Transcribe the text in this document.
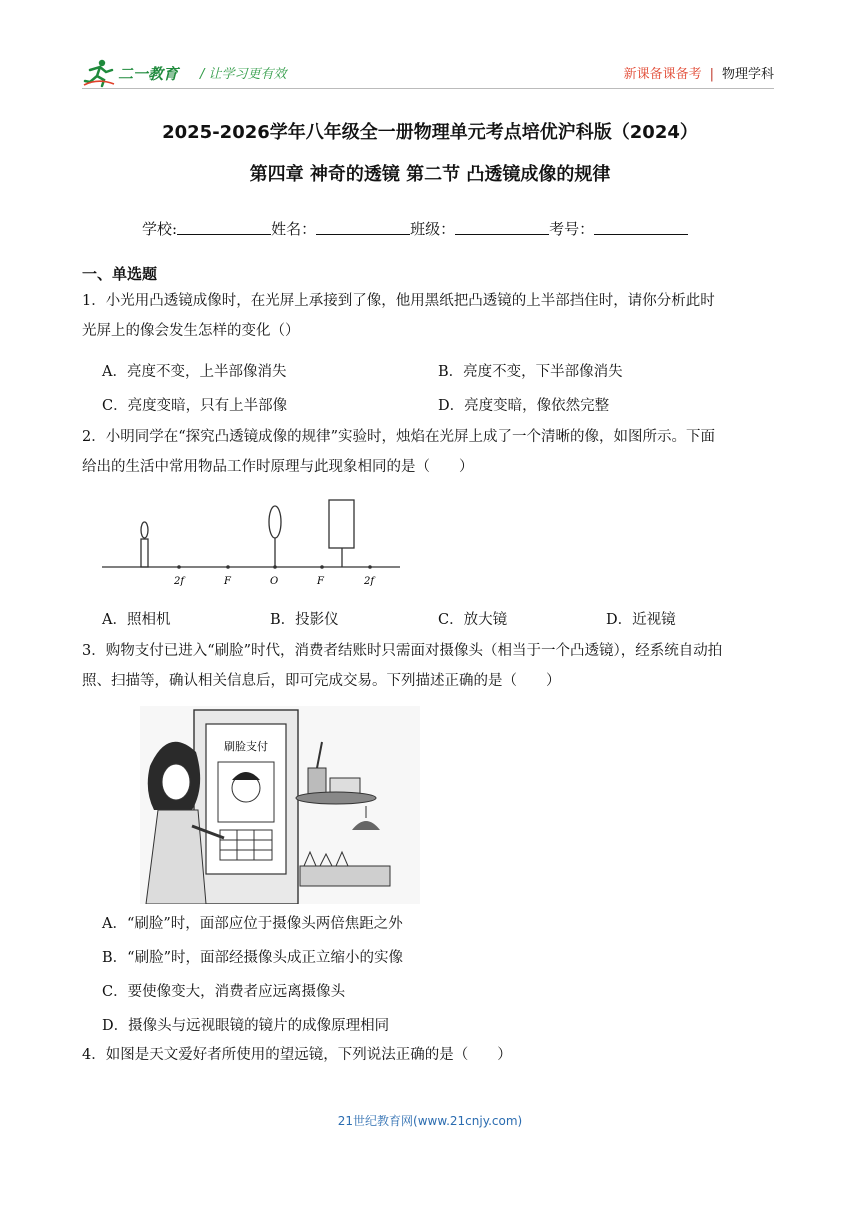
二一教育 / 让学习更有效	新课备课备考 | 物理学科
2025-2026学年八年级全一册物理单元考点培优沪科版（2024）
第四章 神奇的透镜 第二节 凸透镜成像的规律
学校:	姓名：	班级：	考号：
一、单选题
1．小光用凸透镜成像时，在光屏上承接到了像，他用黑纸把凸透镜的上半部挡住时，请你分析此时
光屏上的像会发生怎样的变化（）
A．亮度不变，上半部像消失	B．亮度不变，下半部像消失
C．亮度变暗，只有上半部像	D．亮度变暗，像依然完整
2．小明同学在“探究凸透镜成像的规律”实验时，烛焰在光屏上成了一个清晰的像，如图所示。下面
给出的生活中常用物品工作时原理与此现象相同的是（　　）
2f	F	O	F	2f
A．照相机	B．投影仪	C．放大镜	D．近视镜
3．购物支付已进入“刷脸”时代，消费者结账时只需面对摄像头（相当于一个凸透镜），经系统自动拍
照、扫描等，确认相关信息后，即可完成交易。下列描述正确的是（　　）
刷脸支付
A．“刷脸”时，面部应位于摄像头两倍焦距之外
B．“刷脸”时，面部经摄像头成正立缩小的实像
C．要使像变大，消费者应远离摄像头
D．摄像头与远视眼镜的镜片的成像原理相同
4．如图是天文爱好者所使用的望远镜，下列说法正确的是（　　）
21世纪教育网(www.21cnjy.com)
